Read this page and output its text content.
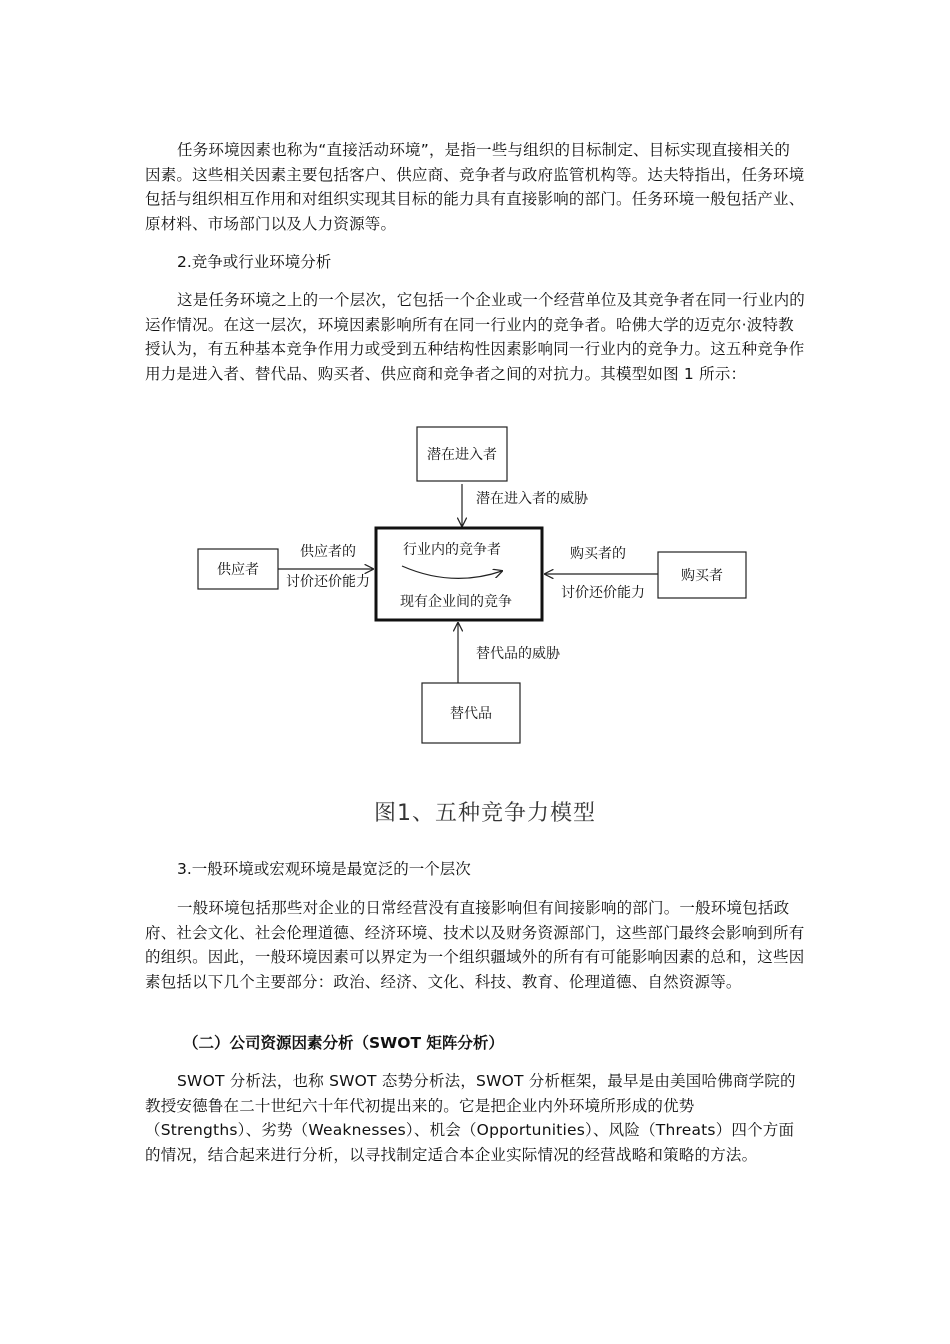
任务环境因素也称为“直接活动环境”，是指一些与组织的目标制定、目标实现直接相关的因素。这些相关因素主要包括客户、供应商、竞争者与政府监管机构等。达夫特指出，任务环境包括与组织相互作用和对组织实现其目标的能力具有直接影响的部门。任务环境一般包括产业、原材料、市场部门以及人力资源等。

2.竞争或行业环境分析

这是任务环境之上的一个层次，它包括一个企业或一个经营单位及其竞争者在同一行业内的运作情况。在这一层次，环境因素影响所有在同一行业内的竞争者。哈佛大学的迈克尔·波特教授认为，有五种基本竞争作用力或受到五种结构性因素影响同一行业内的竞争力。这五种竞争作用力是进入者、替代品、购买者、供应商和竞争者之间的对抗力。其模型如图 1 所示：

潜在进入者
潜在进入者的威胁
行业内的竞争者
现有企业间的竞争
供应者
供应者的
讨价还价能力	购买者
购买者的
讨价还价能力
替代品
替代品的威胁
图1、五种竞争力模型

3.一般环境或宏观环境是最宽泛的一个层次

一般环境包括那些对企业的日常经营没有直接影响但有间接影响的部门。一般环境包括政府、社会文化、社会伦理道德、经济环境、技术以及财务资源部门，这些部门最终会影响到所有的组织。因此，一般环境因素可以界定为一个组织疆域外的所有有可能影响因素的总和，这些因素包括以下几个主要部分：政治、经济、文化、科技、教育、伦理道德、自然资源等。

（二）公司资源因素分析（SWOT 矩阵分析）

SWOT 分析法，也称 SWOT 态势分析法，SWOT 分析框架，最早是由美国哈佛商学院的教授安德鲁在二十世纪六十年代初提出来的。它是把企业内外环境所形成的优势（Strengths）、劣势（Weaknesses）、机会（Opportunities）、风险（Threats）四个方面的情况，结合起来进行分析，以寻找制定适合本企业实际情况的经营战略和策略的方法。
